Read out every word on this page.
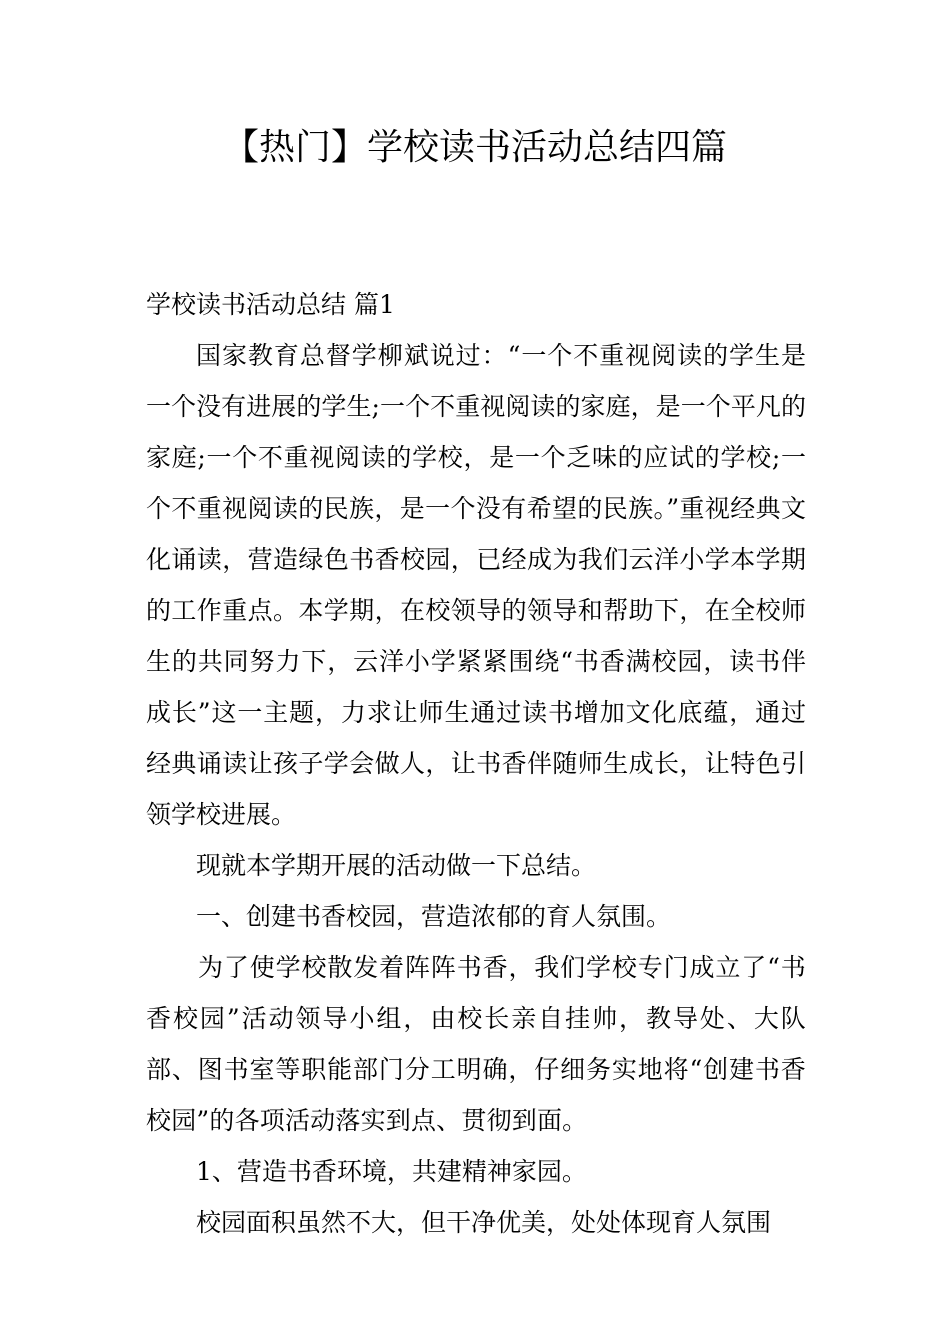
【热门】学校读书活动总结四篇

学校读书活动总结 篇1

国家教育总督学柳斌说过：“一个不重视阅读的学生是一个没有进展的学生;一个不重视阅读的家庭，是一个平凡的家庭;一个不重视阅读的学校，是一个乏味的应试的学校;一个不重视阅读的民族，是一个没有希望的民族。”重视经典文化诵读，营造绿色书香校园，已经成为我们云洋小学本学期的工作重点。本学期，在校领导的领导和帮助下，在全校师生的共同努力下，云洋小学紧紧围绕“书香满校园，读书伴成长”这一主题，力求让师生通过读书增加文化底蕴，通过经典诵读让孩子学会做人，让书香伴随师生成长，让特色引领学校进展。

现就本学期开展的活动做一下总结。

一、创建书香校园，营造浓郁的育人氛围。

为了使学校散发着阵阵书香，我们学校专门成立了“书香校园”活动领导小组，由校长亲自挂帅，教导处、大队部、图书室等职能部门分工明确，仔细务实地将“创建书香校园”的各项活动落实到点、贯彻到面。

1、营造书香环境，共建精神家园。

校园面积虽然不大，但干净优美，处处体现育人氛围
